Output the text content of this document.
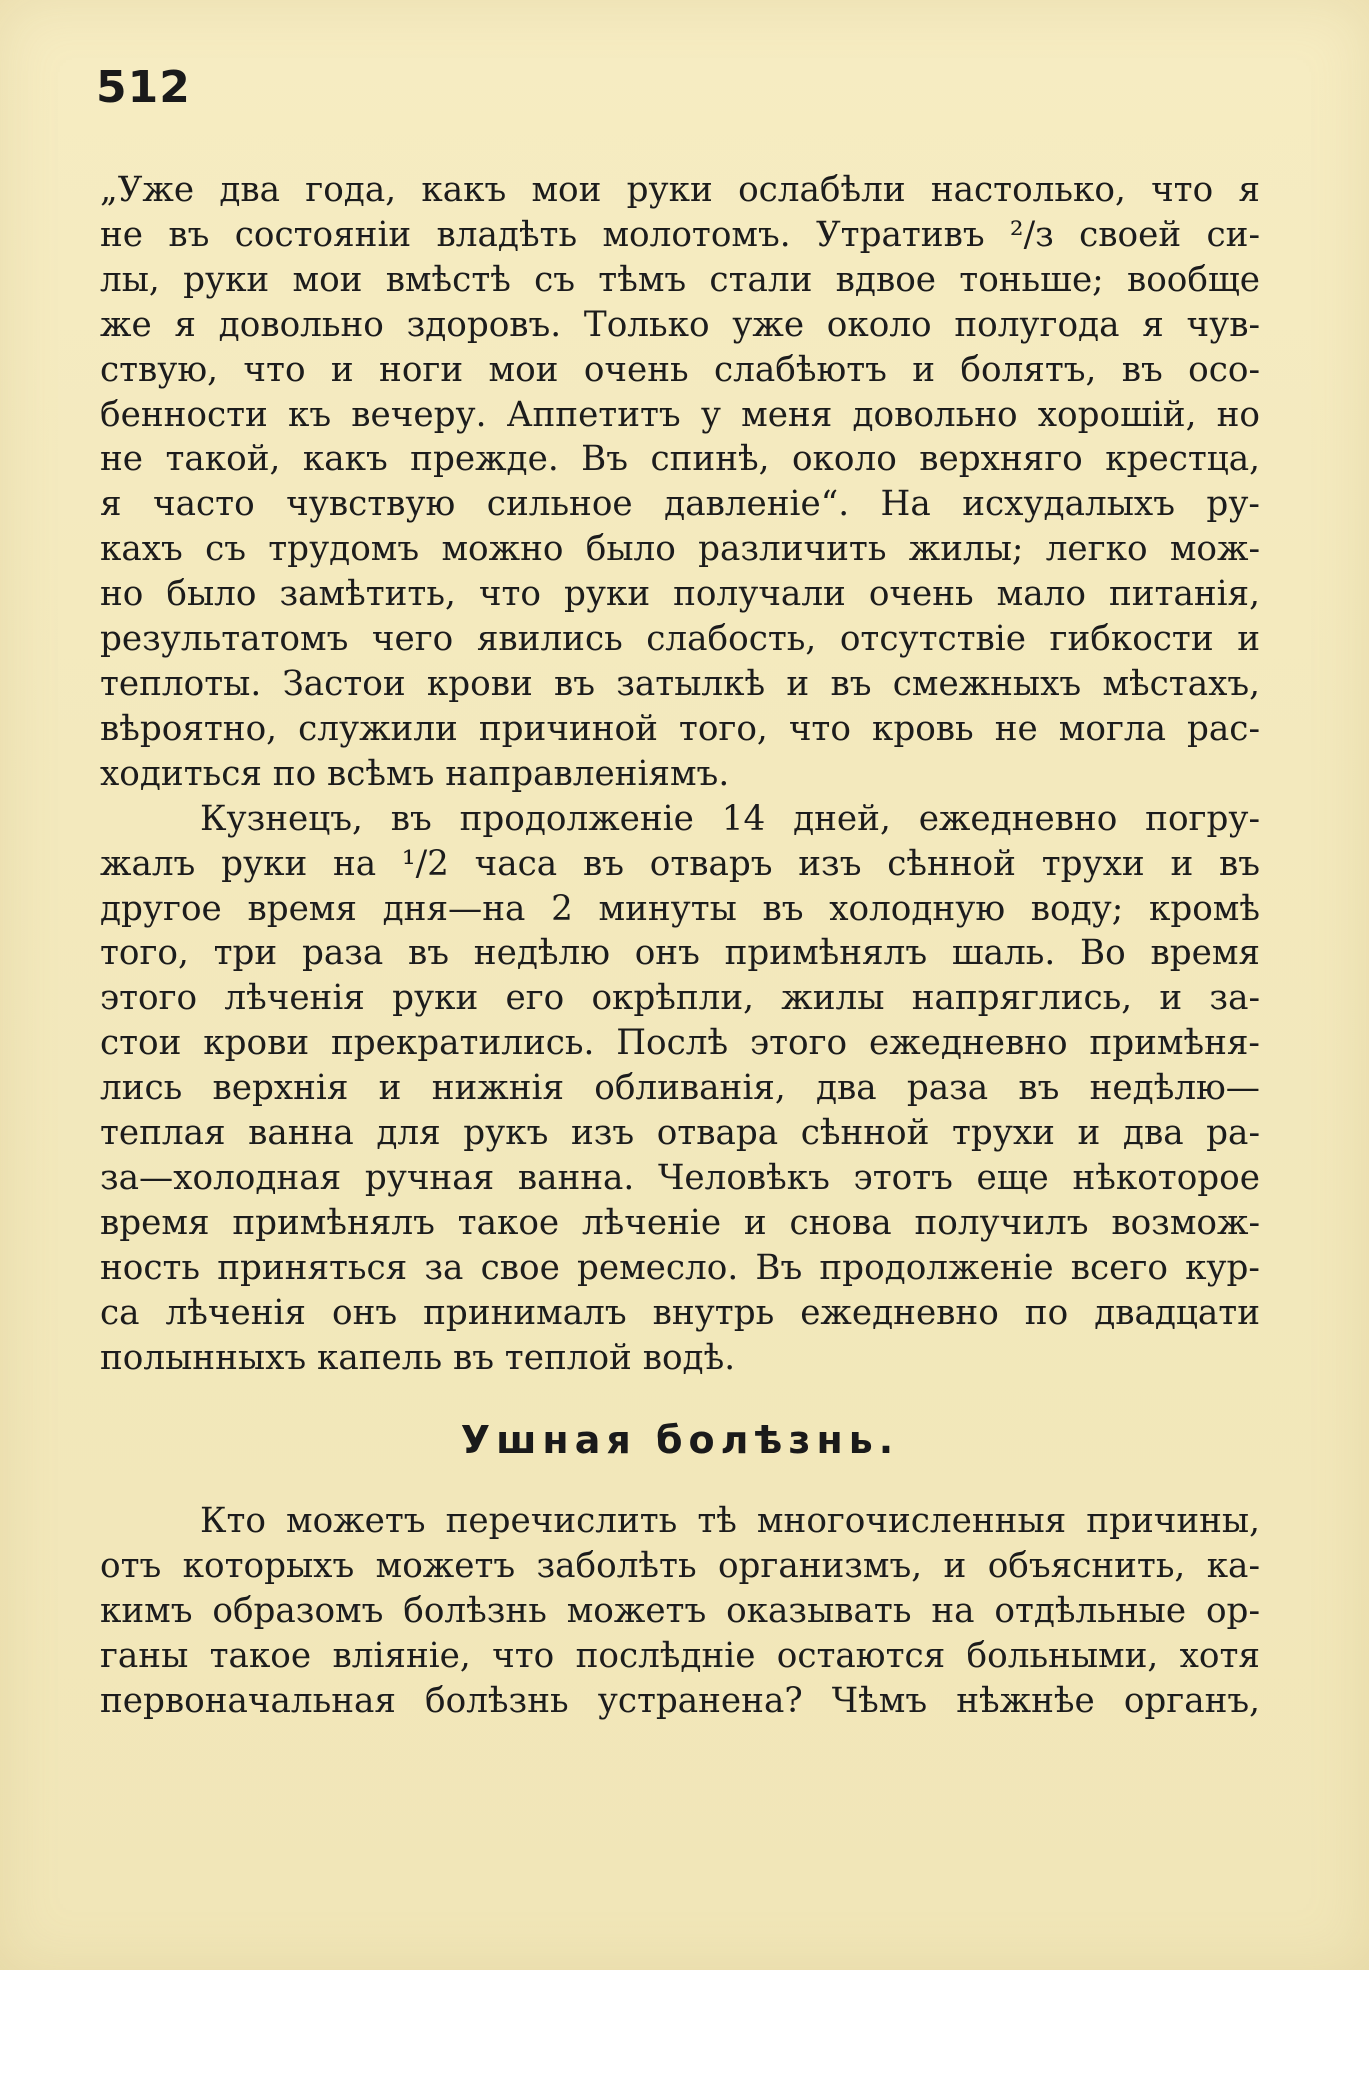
512
„Уже два года, какъ мои руки ослабѣли настолько, что я
не въ состояніи владѣть молотомъ. Утративъ ²/з своей си-
лы, руки мои вмѣстѣ съ тѣмъ стали вдвое тоньше; вообще
же я довольно здоровъ. Только уже около полугода я чув-
ствую, что и ноги мои очень слабѣютъ и болятъ, въ осо-
бенности къ вечеру. Аппетитъ у меня довольно хорошій, но
не такой, какъ прежде. Въ спинѣ, около верхняго крестца,
я часто чувствую сильное давленіе“. На исхудалыхъ ру-
кахъ съ трудомъ можно было различить жилы; легко мож-
но было замѣтить, что руки получали очень мало питанія,
результатомъ чего явились слабость, отсутствіе гибкости и
теплоты. Застои крови въ затылкѣ и въ смежныхъ мѣстахъ,
вѣроятно, служили причиной того, что кровь не могла рас-
ходиться по всѣмъ направленіямъ.
Кузнецъ, въ продолженіе 14 дней, ежедневно погру-
жалъ руки на ¹/2 часа въ отваръ изъ сѣнной трухи и въ
другое время дня—на 2 минуты въ холодную воду; кромѣ
того, три раза въ недѣлю онъ примѣнялъ шаль. Во время
этого лѣченія руки его окрѣпли, жилы напряглись, и за-
стои крови прекратились. Послѣ этого ежедневно примѣня-
лись верхнія и нижнія обливанія, два раза въ недѣлю—
теплая ванна для рукъ изъ отвара сѣнной трухи и два ра-
за—холодная ручная ванна. Человѣкъ этотъ еще нѣкоторое
время примѣнялъ такое лѣченіе и снова получилъ возмож-
ность приняться за свое ремесло. Въ продолженіе всего кур-
са лѣченія онъ принималъ внутрь ежедневно по двадцати
полынныхъ капель въ теплой водѣ.
Ушная болѣзнь.
Кто можетъ перечислить тѣ многочисленныя причины,
отъ которыхъ можетъ заболѣть организмъ, и объяснить, ка-
кимъ образомъ болѣзнь можетъ оказывать на отдѣльные ор-
ганы такое вліяніе, что послѣдніе остаются больными, хотя
первоначальная болѣзнь устранена? Чѣмъ нѣжнѣе органъ,
